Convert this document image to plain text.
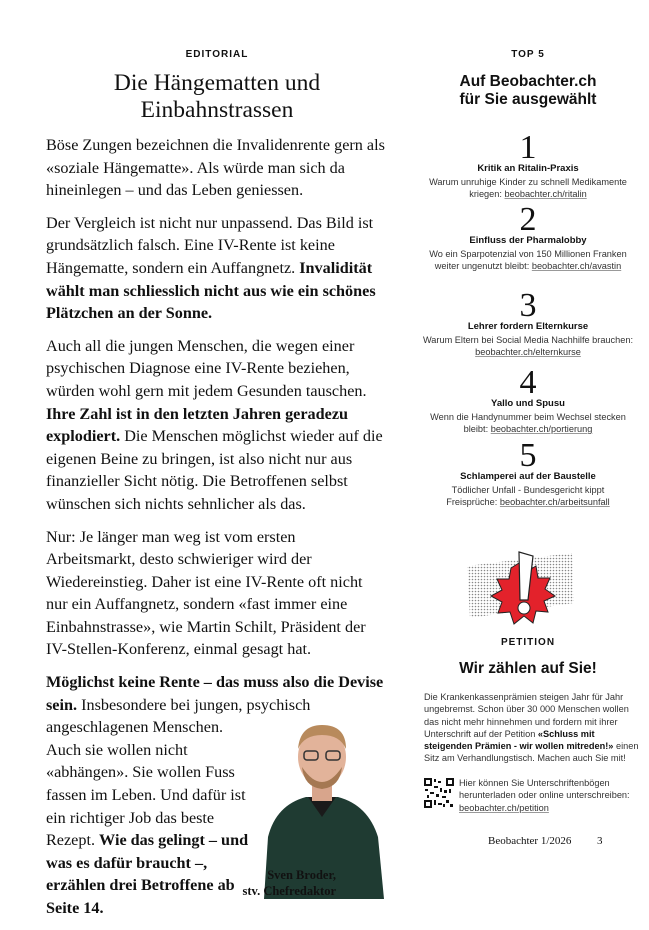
EDITORIAL
Die Hängematten und
Einbahnstrassen

Böse Zungen bezeichnen die Invalidenrente gern als «soziale Hängematte». Als würde man sich da hineinlegen – und das Leben geniessen.

Der Vergleich ist nicht nur unpassend. Das Bild ist grundsätzlich falsch. Eine IV-Rente ist keine Hängematte, sondern ein Auffangnetz. Invalidität wählt man schliesslich nicht aus wie ein schönes Plätzchen an der Sonne.

Auch all die jungen Menschen, die wegen einer psychischen Diagnose eine IV-Rente beziehen, würden wohl gern mit jedem Gesunden tauschen. Ihre Zahl ist in den letzten Jahren geradezu explodiert. Die Menschen möglichst wieder auf die eigenen Beine zu bringen, ist also nicht nur aus finanzieller Sicht nötig. Die Betroffenen selbst wünschen sich nichts sehnlicher als das.

Nur: Je länger man weg ist vom ersten Arbeitsmarkt, desto schwieriger wird der Wiedereinstieg. Daher ist eine IV-Rente oft nicht nur ein Auffangnetz, sondern «fast immer eine Einbahnstrasse», wie Martin Schilt, Präsident der IV-Stellen-Konferenz, einmal gesagt hat.

Sven Broder,
stv. Chefredaktor

Möglichst keine Rente – das muss also die Devise sein. Insbesondere bei jungen, psychisch angeschlagenen Menschen. Auch sie wollen nicht «abhängen». Sie wollen Fuss fassen im Leben. Und dafür ist ein richtiger Job das beste Rezept. Wie das gelingt – und was es dafür braucht –, erzählen drei Betroffene ab Seite 14.

TOP 5
Auf Beobachter.ch
für Sie ausgewählt
1
Kritik an Ritalin-Praxis
Warum unruhige Kinder zu schnell Medikamente kriegen: beobachter.ch/ritalin
2
Einfluss der Pharmalobby
Wo ein Sparpotenzial von 150 Millionen Franken weiter ungenutzt bleibt: beobachter.ch/avastin
3
Lehrer fordern Elternkurse
Warum Eltern bei Social Media Nachhilfe brauchen: beobachter.ch/elternkurse
4
Yallo und Spusu
Wenn die Handynummer beim Wechsel stecken bleibt: beobachter.ch/portierung
5
Schlamperei auf der Baustelle
Tödlicher Unfall - Bundesgericht kippt Freisprüche: beobachter.ch/arbeitsunfall
PETITION
Wir zählen auf Sie!
Die Krankenkassenprämien steigen Jahr für Jahr ungebremst. Schon über 30 000 Menschen wollen das nicht mehr hinnehmen und fordern mit ihrer Unterschrift auf der Petition «Schluss mit steigenden Prämien - wir wollen mitreden!» einen Sitz am Verhandlungstisch. Machen auch Sie mit!
Hier können Sie Unterschriftenbögen herunterladen oder online unterschreiben: beobachter.ch/petition
Beobachter 1/2026 3
